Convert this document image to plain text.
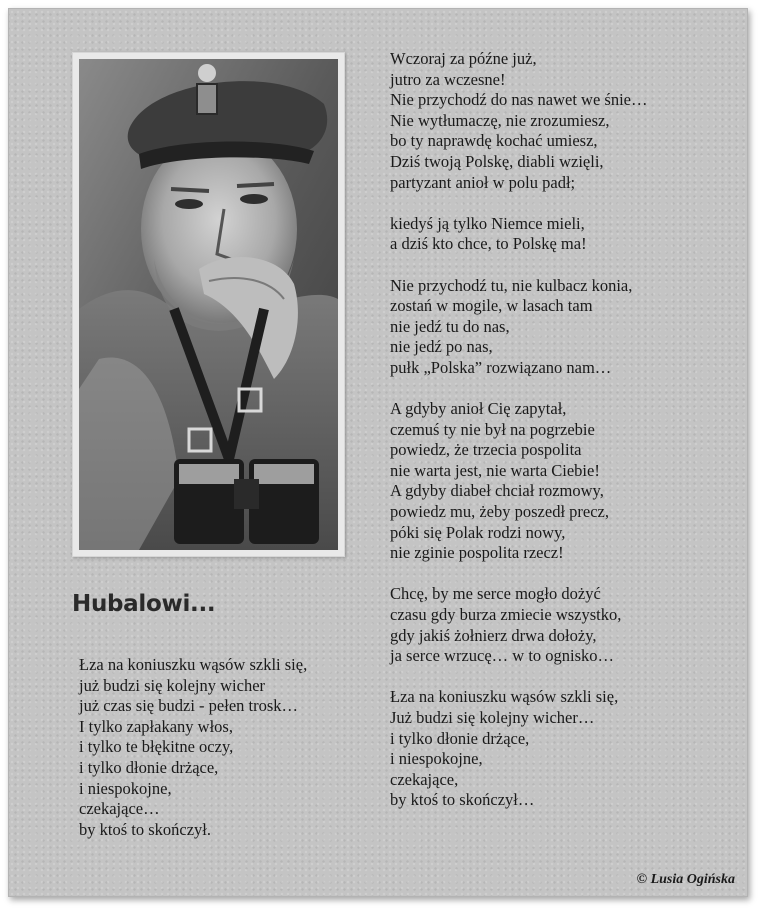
Hubalowi...
Łza na koniuszku wąsów szkli się,
już budzi się kolejny wicher
już czas się budzi - pełen trosk…
I tylko zapłakany włos,
i tylko te błękitne oczy,
i tylko dłonie drżące,
i niespokojne,
czekające…
by ktoś to skończył.
Wczoraj za późne już,
jutro za wczesne!
Nie przychodź do nas nawet we śnie…
Nie wytłumaczę, nie zrozumiesz,
bo ty naprawdę kochać umiesz,
Dziś twoją Polskę, diabli wzięli,
partyzant anioł w polu padł;
kiedyś ją tylko Niemce mieli,
a dziś kto chce, to Polskę ma!
Nie przychodź tu, nie kulbacz konia,
zostań w mogile, w lasach tam
nie jedź tu do nas,
nie jedź po nas,
pułk „Polska” rozwiązano nam…
A gdyby anioł Cię zapytał,
czemuś ty nie był na pogrzebie
powiedz, że trzecia pospolita
nie warta jest, nie warta Ciebie!
A gdyby diabeł chciał rozmowy,
powiedz mu, żeby poszedł precz,
póki się Polak rodzi nowy,
nie zginie pospolita rzecz!
Chcę, by me serce mogło dożyć
czasu gdy burza zmiecie wszystko,
gdy jakiś żołnierz drwa dołoży,
ja serce wrzucę… w to ognisko…
Łza na koniuszku wąsów szkli się,
Już budzi się kolejny wicher…
i tylko dłonie drżące,
i niespokojne,
czekające,
by ktoś to skończył…
© Lusia Ogińska
